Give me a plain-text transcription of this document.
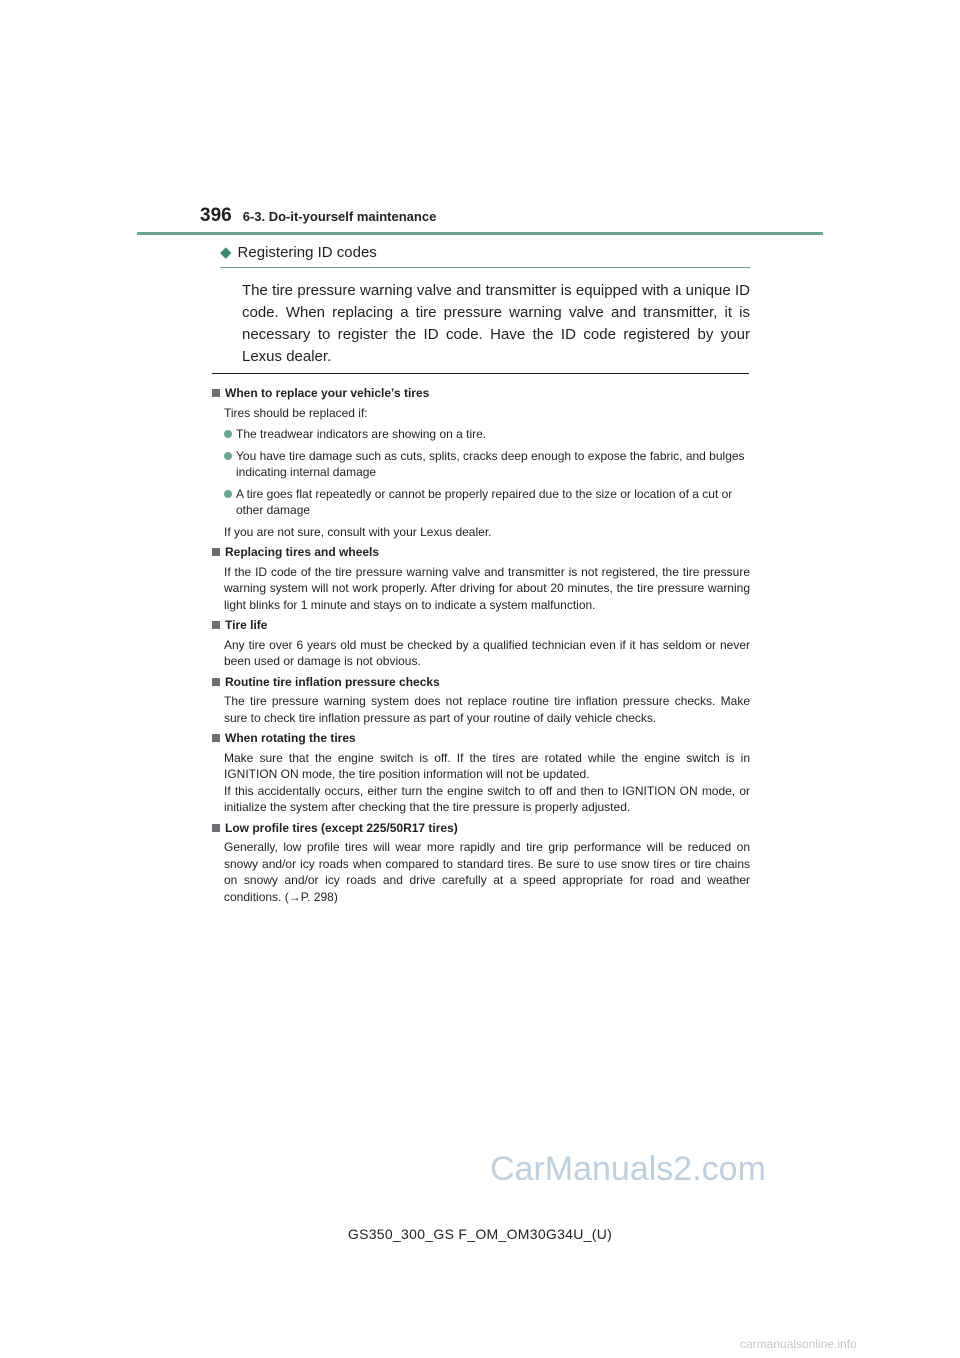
396 6-3. Do-it-yourself maintenance
◆ Registering ID codes
The tire pressure warning valve and transmitter is equipped with a unique ID code. When replacing a tire pressure warning valve and transmitter, it is necessary to register the ID code. Have the ID code registered by your Lexus dealer.
When to replace your vehicle’s tires
Tires should be replaced if:
The treadwear indicators are showing on a tire.
You have tire damage such as cuts, splits, cracks deep enough to expose the fabric, and bulges indicating internal damage
A tire goes flat repeatedly or cannot be properly repaired due to the size or location of a cut or other damage
If you are not sure, consult with your Lexus dealer.
Replacing tires and wheels
If the ID code of the tire pressure warning valve and transmitter is not registered, the tire pressure warning system will not work properly. After driving for about 20 minutes, the tire pressure warning light blinks for 1 minute and stays on to indicate a system malfunction.
Tire life
Any tire over 6 years old must be checked by a qualified technician even if it has seldom or never been used or damage is not obvious.
Routine tire inflation pressure checks
The tire pressure warning system does not replace routine tire inflation pressure checks. Make sure to check tire inflation pressure as part of your routine of daily vehicle checks.
When rotating the tires
Make sure that the engine switch is off. If the tires are rotated while the engine switch is in IGNITION ON mode, the tire position information will not be updated.
If this accidentally occurs, either turn the engine switch to off and then to IGNITION ON mode, or initialize the system after checking that the tire pressure is properly adjusted.
Low profile tires (except 225/50R17 tires)
Generally, low profile tires will wear more rapidly and tire grip performance will be reduced on snowy and/or icy roads when compared to standard tires. Be sure to use snow tires or tire chains on snowy and/or icy roads and drive carefully at a speed appropriate for road and weather conditions. (→P. 298)
CarManuals2.com
GS350_300_GS F_OM_OM30G34U_(U)
carmanualsonline.info
